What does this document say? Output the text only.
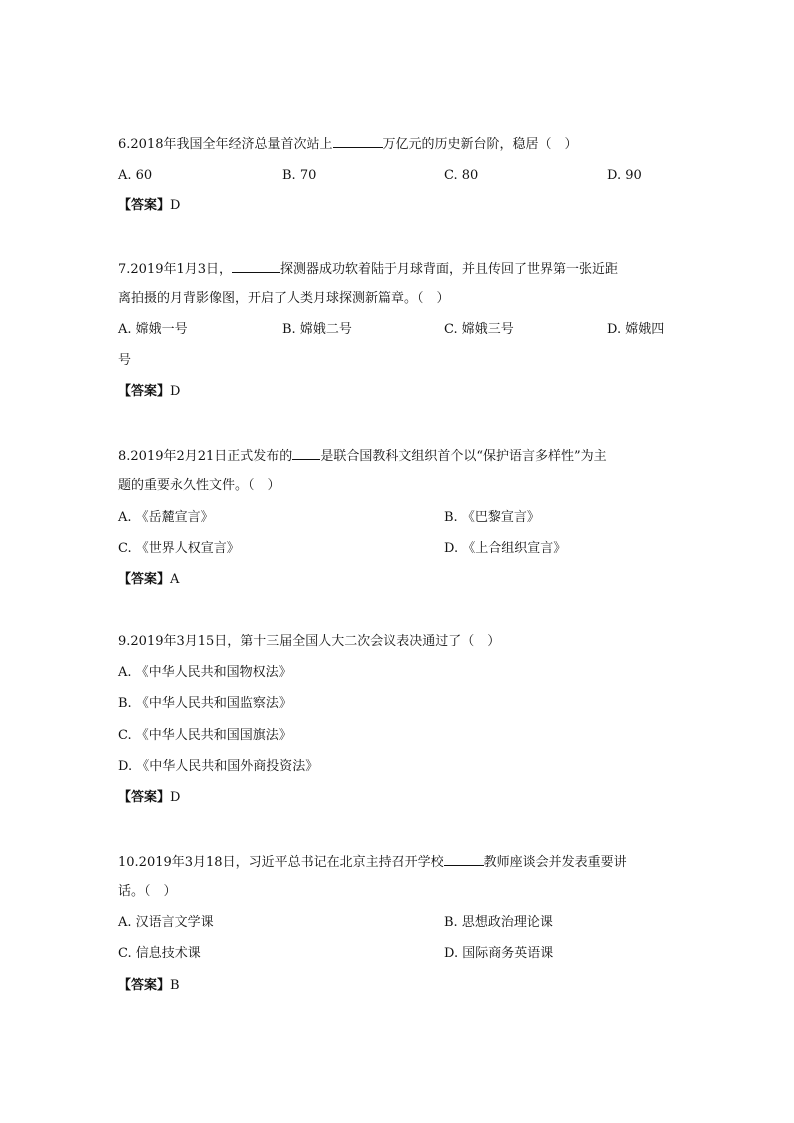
6.2018年我国全年经济总量首次站上	万亿元的历史新台阶，稳居（　）
A. 60	B. 70	C. 80	D. 90
【答案】D
7.2019年1月3日，	探测器成功软着陆于月球背面，并且传回了世界第一张近距
离拍摄的月背影像图，开启了人类月球探测新篇章。（　）
A. 嫦娥一号	B. 嫦娥二号	C. 嫦娥三号	D. 嫦娥四
号
【答案】D
8.2019年2月21日正式发布的 是联合国教科文组织首个以“保护语言多样性”为主
题的重要永久性文件。（　）
A. 《岳麓宣言》	B. 《巴黎宣言》
C. 《世界人权宣言》	D. 《上合组织宣言》
【答案】A
9.2019年3月15日，第十三届全国人大二次会议表决通过了（　）
A. 《中华人民共和国物权法》
B. 《中华人民共和国监察法》
C. 《中华人民共和国国旗法》
D. 《中华人民共和国外商投资法》
【答案】D
10.2019年3月18日，习近平总书记在北京主持召开学校	教师座谈会并发表重要讲
话。（　）
A. 汉语言文学课	B. 思想政治理论课
C. 信息技术课	D. 国际商务英语课
【答案】B
